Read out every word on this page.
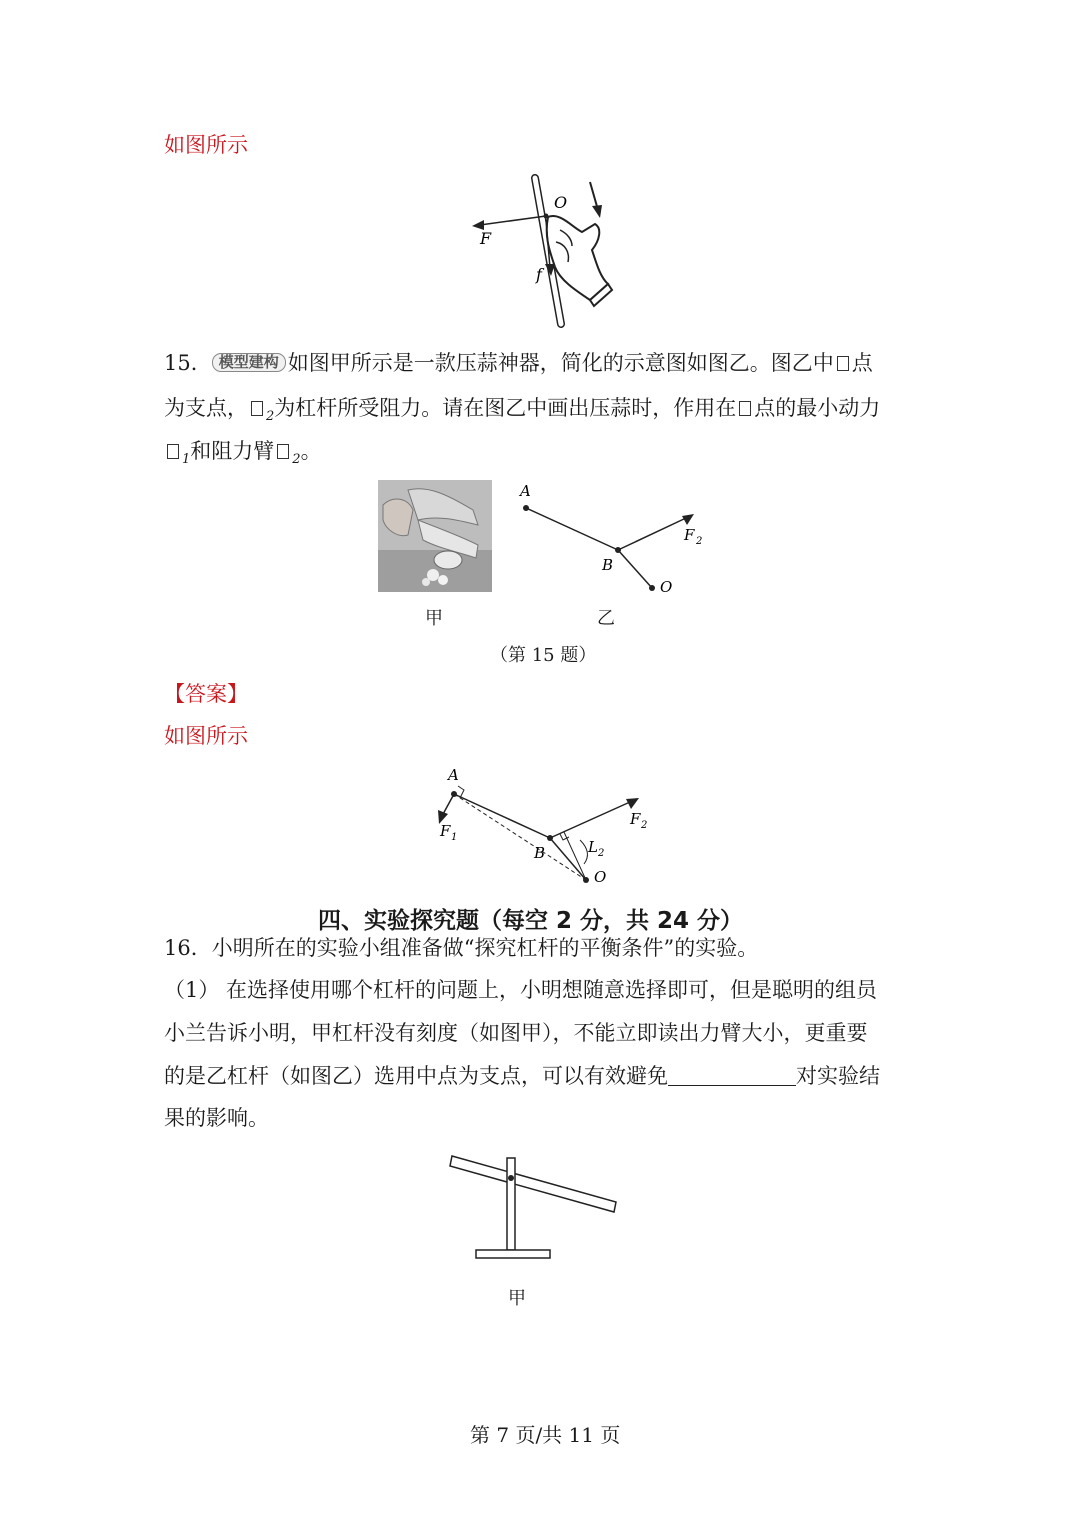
如图所示
O
F
f
15． 模型建构 如图甲所示是一款压蒜神器，简化的示意图如图乙。图乙中 点
为支点， $_2$为杠杆所受阻力。请在图乙中画出压蒜时，作用在 点的最小动力
$_1$和阻力臂 $_2$。
甲
A
B
O
F 2
乙
（第 15 题）
【答案】
如图所示
A
B
O
F 1
F 2
L 2
四、实验探究题（每空 2 分，共 24 分）
16．小明所在的实验小组准备做“探究杠杆的平衡条件”的实验。
（1） 在选择使用哪个杠杆的问题上，小明想随意选择即可，但是聪明的组员
小兰告诉小明，甲杠杆没有刻度（如图甲），不能立即读出力臂大小，更重要
的是乙杠杆（如图乙）选用中点为支点，可以有效避免	对实验结
果的影响。
甲
第 7 页/共 11 页
